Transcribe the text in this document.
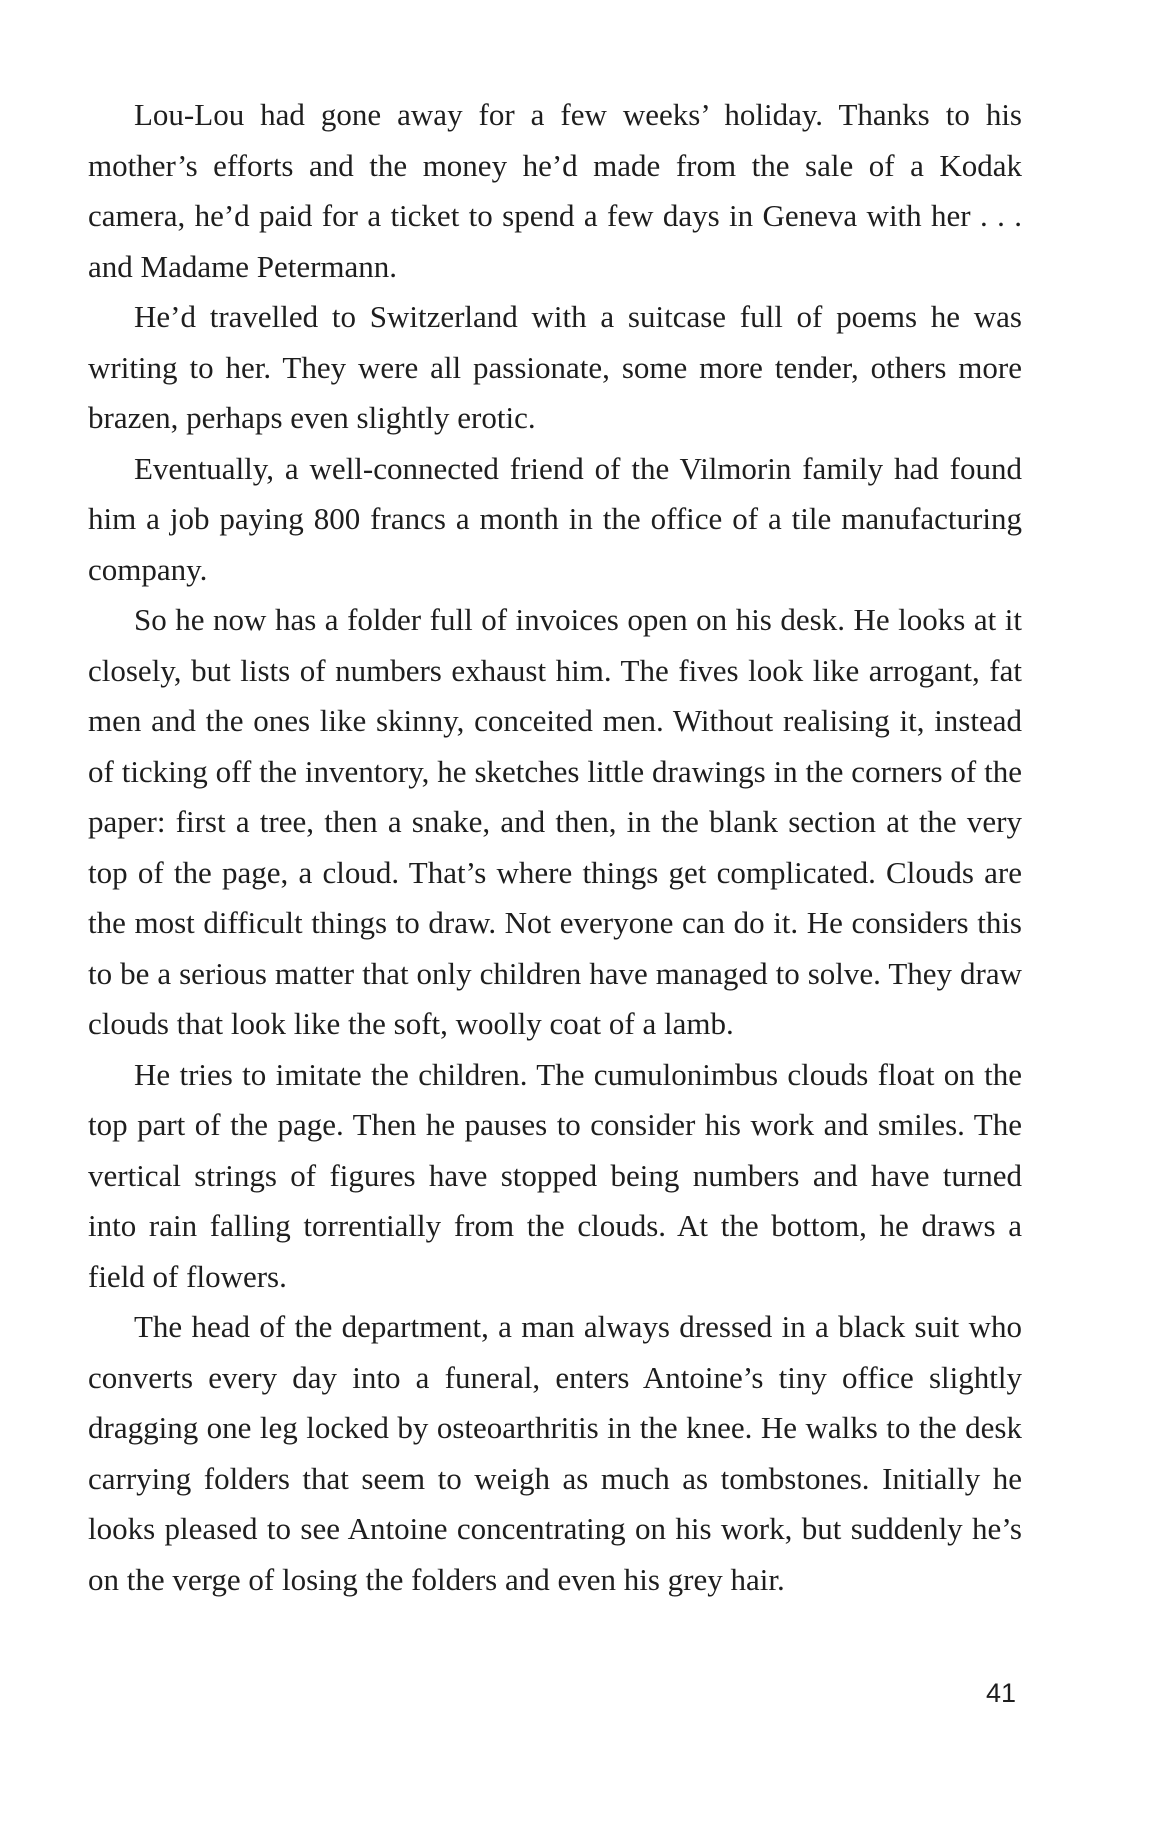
Lou-Lou had gone away for a few weeks’ holiday. Thanks to his mother’s efforts and the money he’d made from the sale of a Kodak camera, he’d paid for a ticket to spend a few days in Geneva with her . . . and Madame Petermann.

He’d travelled to Switzerland with a suitcase full of poems he was writing to her. They were all passionate, some more tender, others more brazen, perhaps even slightly erotic.

Eventually, a well-connected friend of the Vilmorin family had found him a job paying 800 francs a month in the office of a tile manufacturing company.

So he now has a folder full of invoices open on his desk. He looks at it closely, but lists of numbers exhaust him. The fives look like arrogant, fat men and the ones like skinny, conceited men. Without realising it, instead of ticking off the inventory, he sketches little drawings in the corners of the paper: first a tree, then a snake, and then, in the blank section at the very top of the page, a cloud. That’s where things get complicated. Clouds are the most difficult things to draw. Not everyone can do it. He considers this to be a serious matter that only children have managed to solve. They draw clouds that look like the soft, woolly coat of a lamb.

He tries to imitate the children. The cumulonimbus clouds float on the top part of the page. Then he pauses to consider his work and smiles. The vertical strings of figures have stopped being numbers and have turned into rain falling torrentially from the clouds. At the bottom, he draws a field of flowers.

The head of the department, a man always dressed in a black suit who converts every day into a funeral, enters Antoine’s tiny office slightly dragging one leg locked by osteoarthritis in the knee. He walks to the desk carrying folders that seem to weigh as much as tombstones. Initially he looks pleased to see Antoine concentrating on his work, but suddenly he’s on the verge of losing the folders and even his grey hair.

41
